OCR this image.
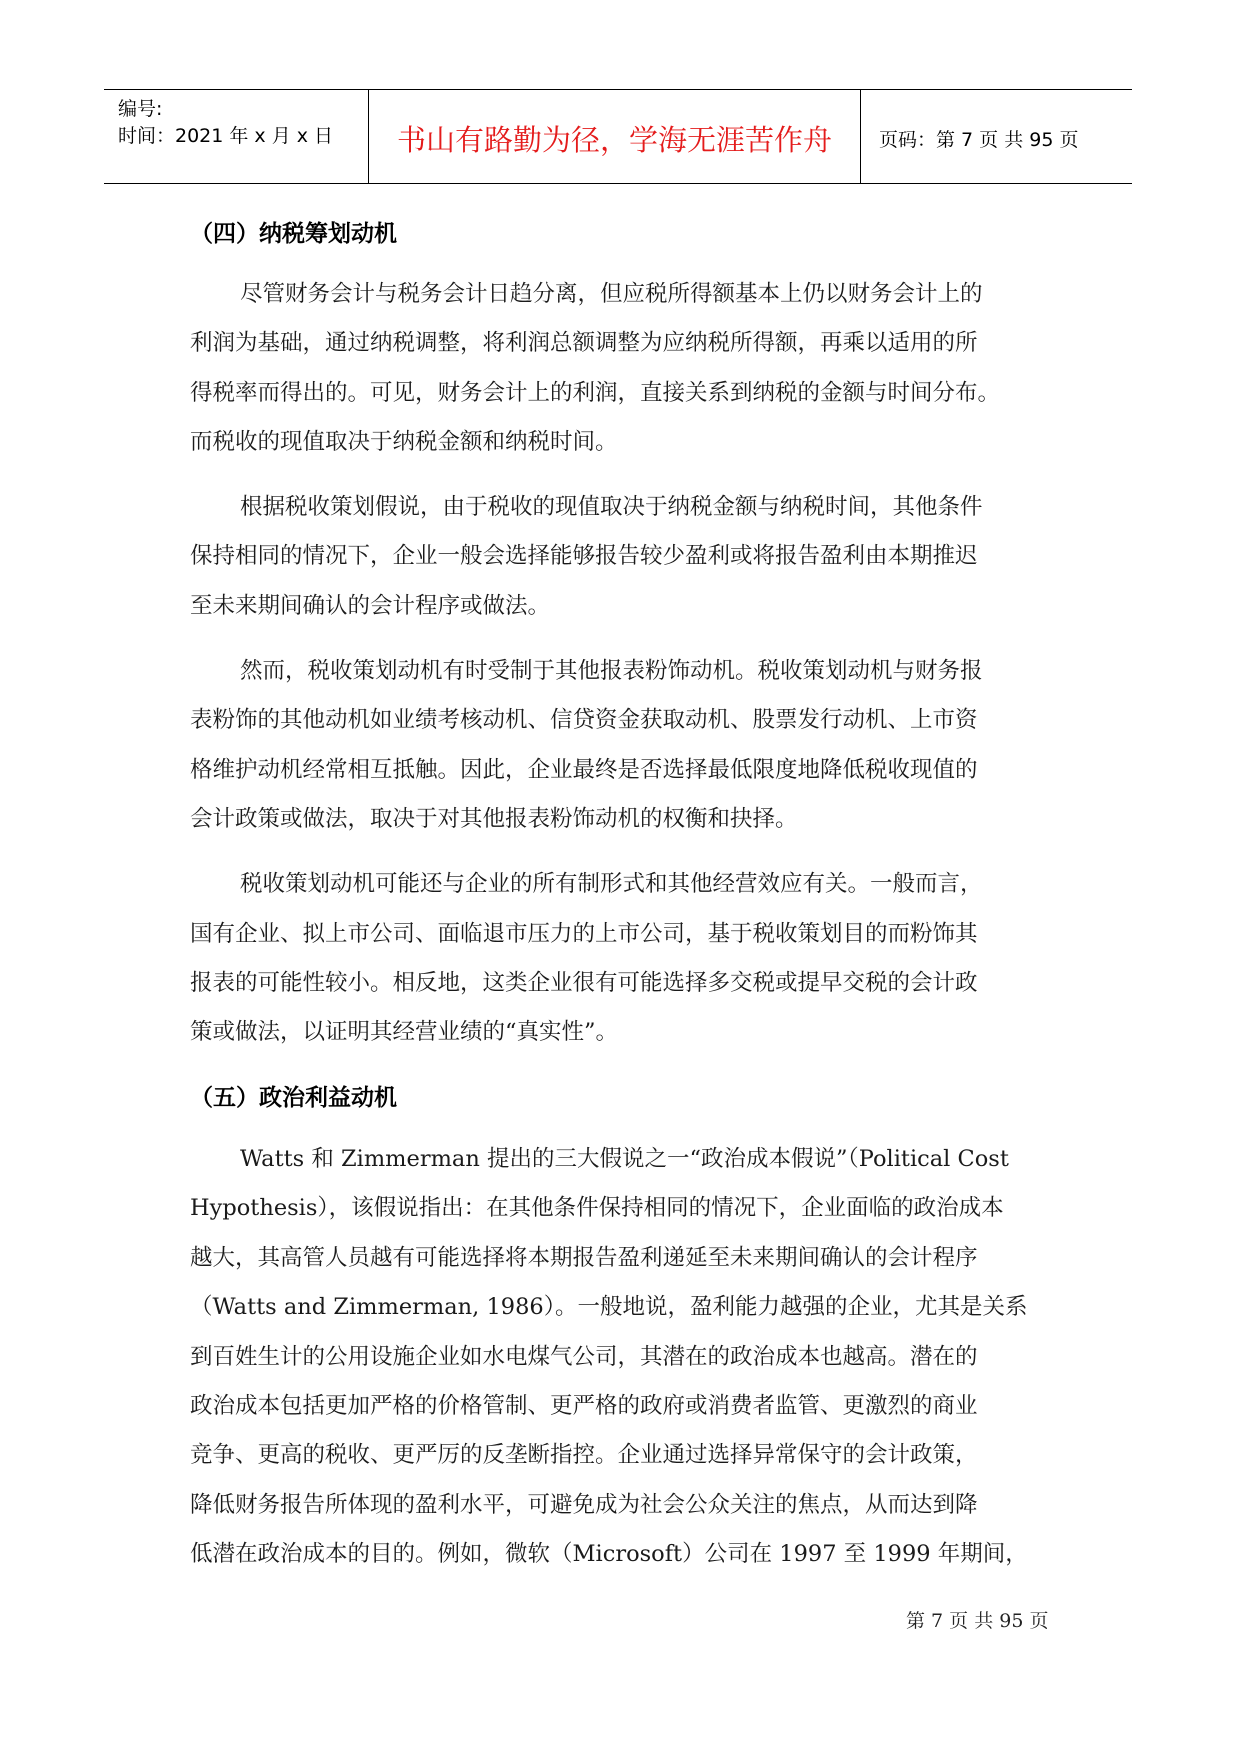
编号:
时间：2021 年 x 月 x 日	书山有路勤为径，学海无涯苦作舟	页码：第 7 页 共 95 页
（四）纳税筹划动机
尽管财务会计与税务会计日趋分离，但应税所得额基本上仍以财务会计上的
利润为基础，通过纳税调整，将利润总额调整为应纳税所得额，再乘以适用的所
得税率而得出的。可见，财务会计上的利润，直接关系到纳税的金额与时间分布。
而税收的现值取决于纳税金额和纳税时间。
根据税收策划假说，由于税收的现值取决于纳税金额与纳税时间，其他条件
保持相同的情况下，企业一般会选择能够报告较少盈利或将报告盈利由本期推迟
至未来期间确认的会计程序或做法。
然而，税收策划动机有时受制于其他报表粉饰动机。税收策划动机与财务报
表粉饰的其他动机如业绩考核动机、信贷资金获取动机、股票发行动机、上市资
格维护动机经常相互抵触。因此，企业最终是否选择最低限度地降低税收现值的
会计政策或做法，取决于对其他报表粉饰动机的权衡和抉择。
税收策划动机可能还与企业的所有制形式和其他经营效应有关。一般而言，
国有企业、拟上市公司、面临退市压力的上市公司，基于税收策划目的而粉饰其
报表的可能性较小。相反地，这类企业很有可能选择多交税或提早交税的会计政
策或做法，以证明其经营业绩的“真实性”。
（五）政治利益动机
Watts 和 Zimmerman 提出的三大假说之一“政治成本假说”（Political Cost
Hypothesis），该假说指出：在其他条件保持相同的情况下，企业面临的政治成本
越大，其高管人员越有可能选择将本期报告盈利递延至未来期间确认的会计程序
（Watts and Zimmerman, 1986）。一般地说，盈利能力越强的企业，尤其是关系
到百姓生计的公用设施企业如水电煤气公司，其潜在的政治成本也越高。潜在的
政治成本包括更加严格的价格管制、更严格的政府或消费者监管、更激烈的商业
竞争、更高的税收、更严厉的反垄断指控。企业通过选择异常保守的会计政策，
降低财务报告所体现的盈利水平，可避免成为社会公众关注的焦点，从而达到降
低潜在政治成本的目的。例如，微软（Microsoft）公司在 1997 至 1999 年期间，
第 7 页 共 95 页
